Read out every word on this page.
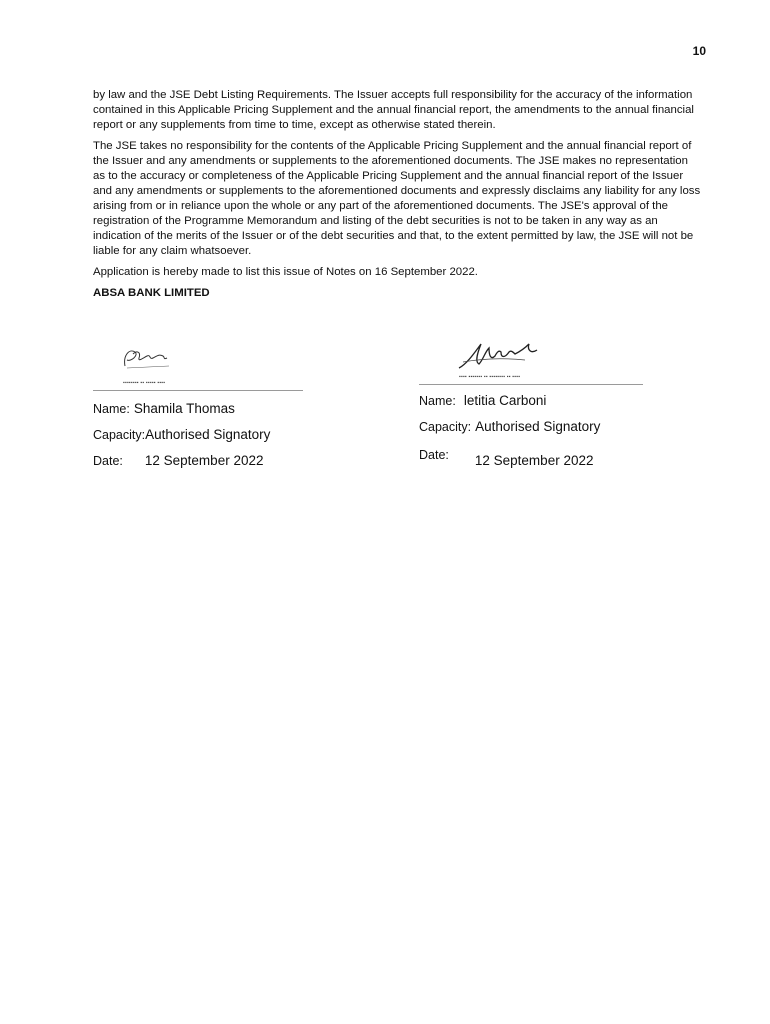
10

by law and the JSE Debt Listing Requirements. The Issuer accepts full responsibility for the accuracy of the information contained in this Applicable Pricing Supplement and the annual financial report, the amendments to the annual financial report or any supplements from time to time, except as otherwise stated therein.

The JSE takes no responsibility for the contents of the Applicable Pricing Supplement and the annual financial report of the Issuer and any amendments or supplements to the aforementioned documents. The JSE makes no representation as to the accuracy or completeness of the Applicable Pricing Supplement and the annual financial report of the Issuer and any amendments or supplements to the aforementioned documents and expressly disclaims any liability for any loss arising from or in reliance upon the whole or any part of the aforementioned documents. The JSE's approval of the registration of the Programme Memorandum and listing of the debt securities is not to be taken in any way as an indication of the merits of the Issuer or of the debt securities and that, to the extent permitted by law, the JSE will not be liable for any claim whatsoever.

Application is hereby made to list this issue of Notes on 16 September 2022.

ABSA BANK LIMITED
▪▪▪▪▪▪▪▪ ▪▪ ▪▪▪▪▪ ▪▪▪▪
Name: Shamila Thomas
Capacity: Authorised Signatory
Date: 12 September 2022
▪▪▪▪ ▪▪▪▪▪▪▪ ▪▪ ▪▪▪▪▪▪▪▪ ▪▪ ▪▪▪▪
Name: letitia Carboni
Capacity: Authorised Signatory
Date: 12 September 2022
